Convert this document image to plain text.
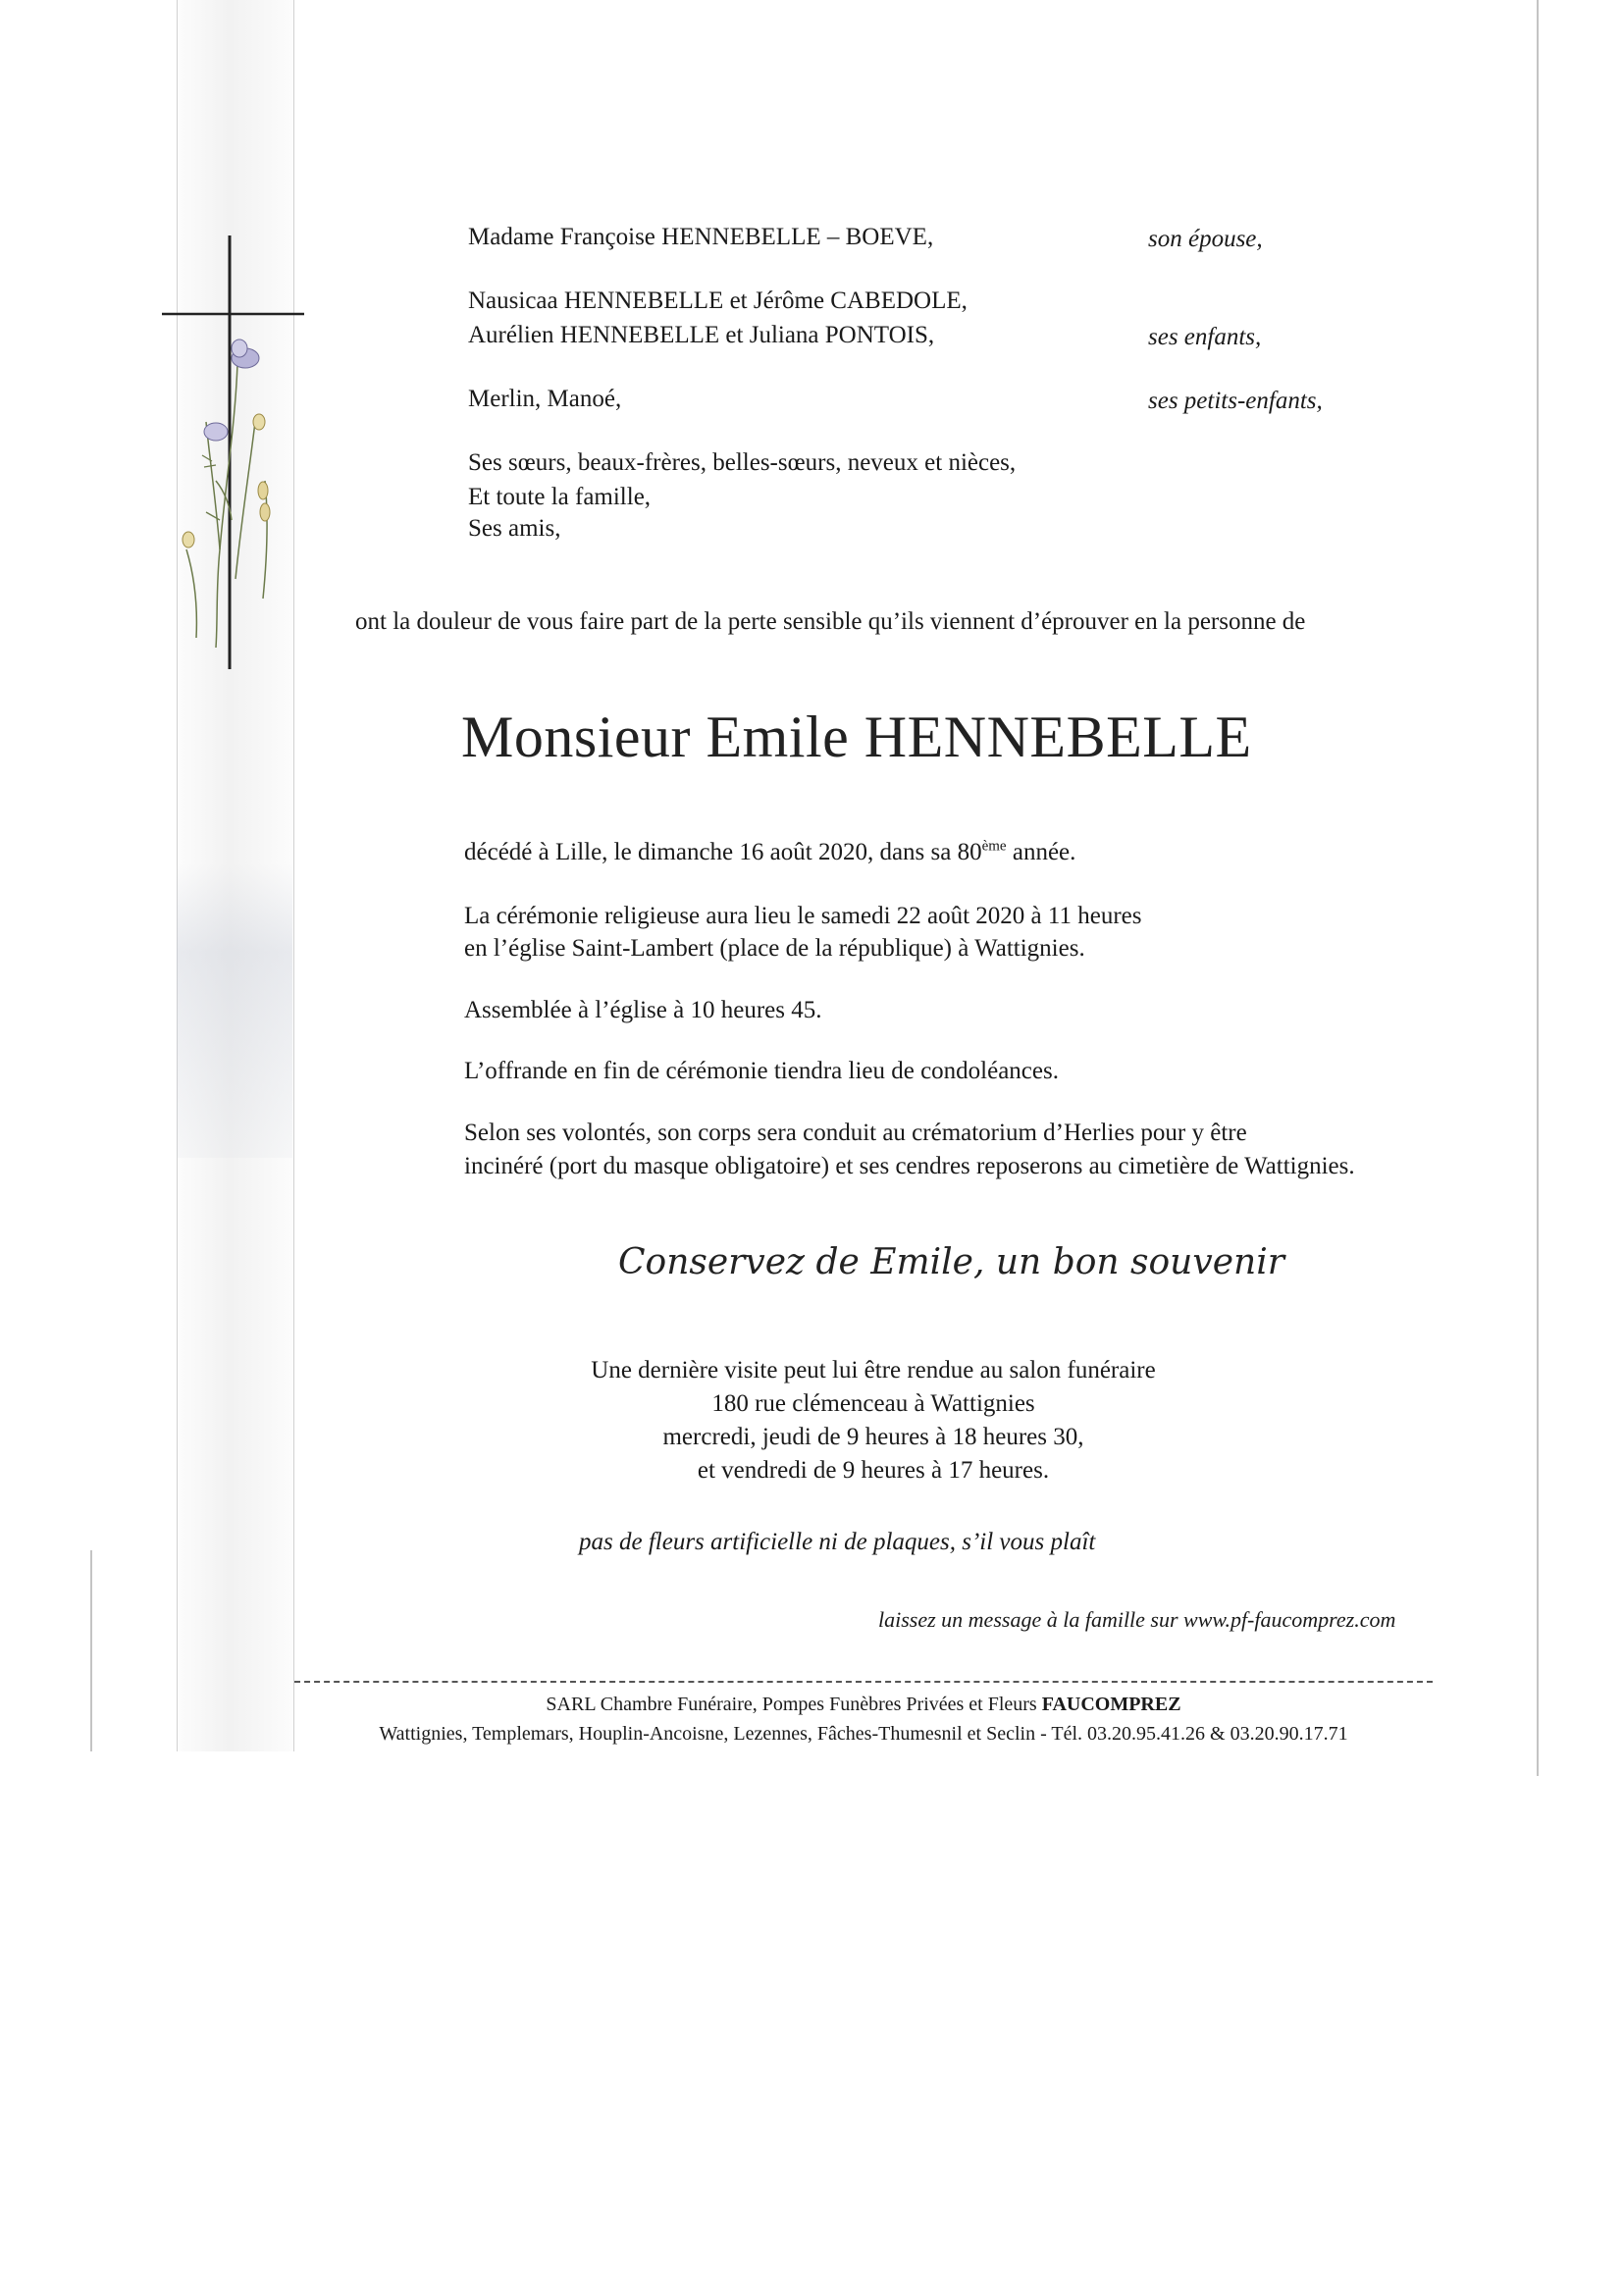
Madame Françoise HENNEBELLE – BOEVE,	son épouse,
Nausicaa HENNEBELLE et Jérôme CABEDOLE,
Aurélien HENNEBELLE et Juliana PONTOIS,	ses enfants,
Merlin, Manoé,	ses petits-enfants,
Ses sœurs, beaux-frères, belles-sœurs, neveux et nièces,
Et toute la famille,
Ses amis,
ont la douleur de vous faire part de la perte sensible qu’ils viennent d’éprouver en la personne de
Monsieur Emile HENNEBELLE
décédé à Lille, le dimanche 16 août 2020, dans sa 80ème année.
La cérémonie religieuse aura lieu le samedi 22 août 2020 à 11 heures
en l’église Saint-Lambert (place de la république) à Wattignies.
Assemblée à l’église à 10 heures 45.
L’offrande en fin de cérémonie tiendra lieu de condoléances.
Selon ses volontés, son corps sera conduit au crématorium d’Herlies pour y être
incinéré (port du masque obligatoire) et ses cendres reposerons au cimetière de Wattignies.
Conservez de Emile, un bon souvenir
Une dernière visite peut lui être rendue au salon funéraire
180 rue clémenceau à Wattignies
mercredi, jeudi de 9 heures à 18 heures 30,
et vendredi de 9 heures à 17 heures.
pas de fleurs artificielle ni de plaques, s’il vous plaît
laissez un message à la famille sur www.pf-faucomprez.com
SARL Chambre Funéraire, Pompes Funèbres Privées et Fleurs FAUCOMPREZ
Wattignies, Templemars, Houplin-Ancoisne, Lezennes, Fâches-Thumesnil et Seclin - Tél. 03.20.95.41.26 & 03.20.90.17.71
